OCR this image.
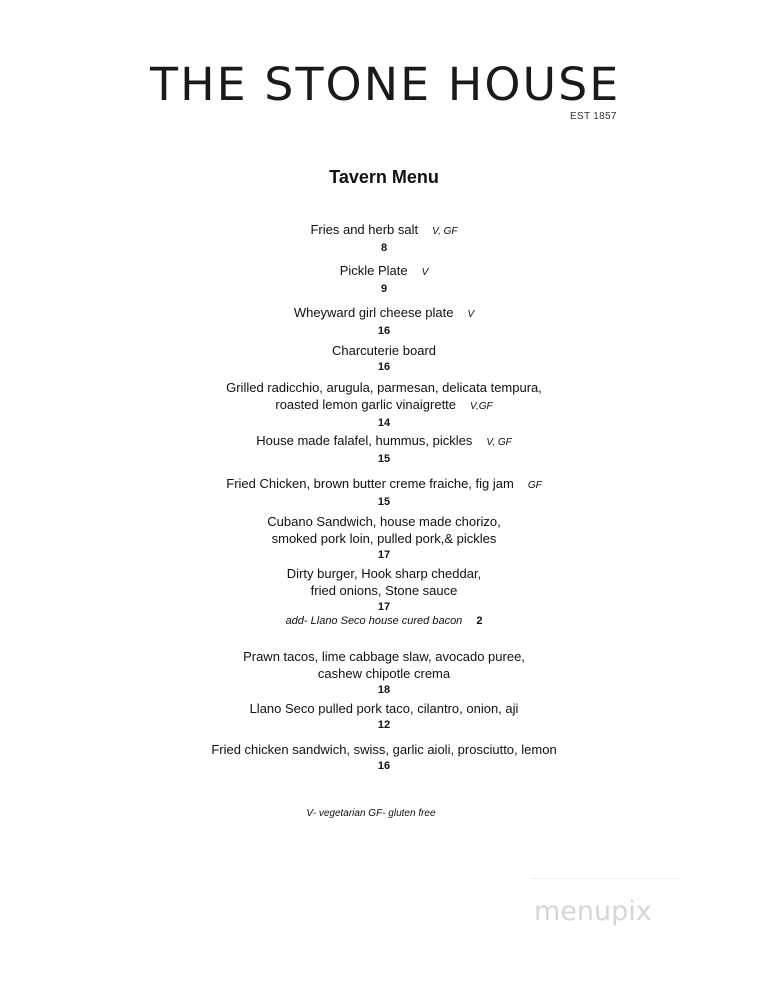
THE STONE HOUSE
EST 1857
Tavern Menu
Fries and herb salt V, GF
8
Pickle Plate V
9
Wheyward girl cheese plate V
16
Charcuterie board
16
Grilled radicchio, arugula, parmesan, delicata tempura,
roasted lemon garlic vinaigrette V,GF
14
House made falafel, hummus, pickles V, GF
15
Fried Chicken, brown butter creme fraiche, fig jam GF
15
Cubano Sandwich, house made chorizo,
smoked pork loin, pulled pork,& pickles
17
Dirty burger, Hook sharp cheddar,
fried onions, Stone sauce
17
add- Llano Seco house cured bacon 2
Prawn tacos, lime cabbage slaw, avocado puree,
cashew chipotle crema
18
Llano Seco pulled pork taco, cilantro, onion, aji
12
Fried chicken sandwich, swiss, garlic aioli, prosciutto, lemon
16
V- vegetarian GF- gluten free
menupix
